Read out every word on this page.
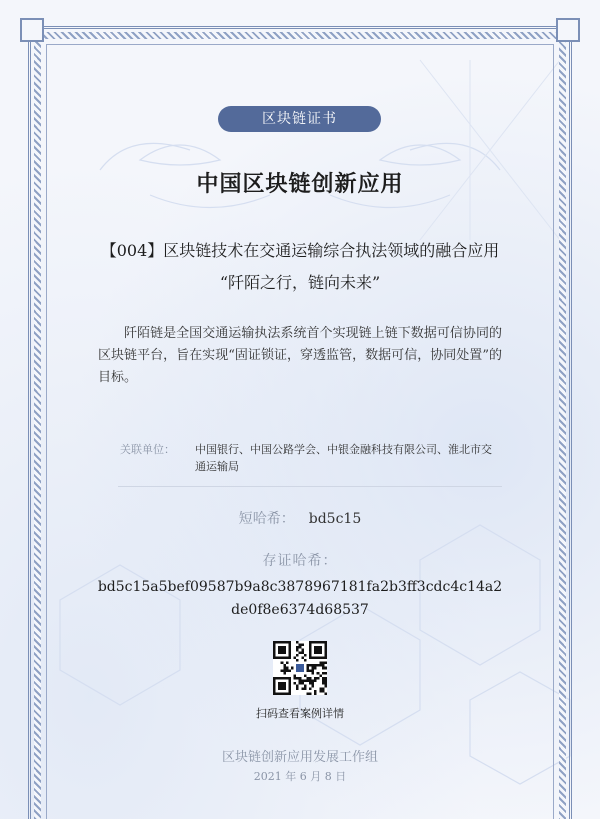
区块链证书
中国区块链创新应用
【004】区块链技术在交通运输综合执法领域的融合应用
“阡陌之行，链向未来”
阡陌链是全国交通运输执法系统首个实现链上链下数据可信协同的区块链平台，旨在实现“固证锁证，穿透监管，数据可信，协同处置”的目标。
关联单位： 中国银行、中国公路学会、中银金融科技有限公司、淮北市交通运输局
短哈希： bd5c15
存证哈希：
bd5c15a5bef09587b9a8c3878967181fa2b3ff3cdc4c14a2de0f8e6374d68537
扫码查看案例详情
区块链创新应用发展工作组
2021 年 6 月 8 日
